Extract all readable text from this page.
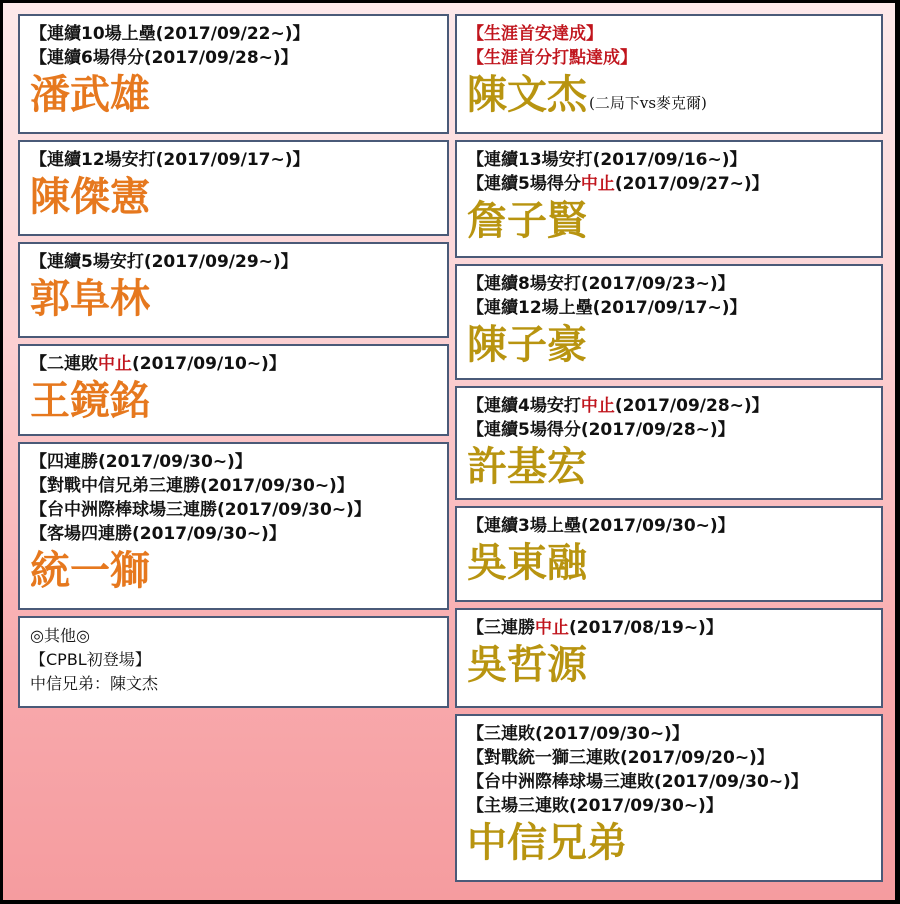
【連續10場上壘(2017/09/22~)】
【連續6場得分(2017/09/28~)】
潘武雄
【連續12場安打(2017/09/17~)】
陳傑憲
【連續5場安打(2017/09/29~)】
郭阜林
【二連敗中止(2017/09/10~)】
王鏡銘
【四連勝(2017/09/30~)】
【對戰中信兄弟三連勝(2017/09/30~)】
【台中洲際棒球場三連勝(2017/09/30~)】
【客場四連勝(2017/09/30~)】
統一獅
◎其他◎
【CPBL初登場】
中信兄弟：陳文杰
【生涯首安達成】
【生涯首分打點達成】
陳文杰 (二局下vs麥克爾)
【連續13場安打(2017/09/16~)】
【連續5場得分中止(2017/09/27~)】
詹子賢
【連續8場安打(2017/09/23~)】
【連續12場上壘(2017/09/17~)】
陳子豪
【連續4場安打中止(2017/09/28~)】
【連續5場得分(2017/09/28~)】
許基宏
【連續3場上壘(2017/09/30~)】
吳東融
【三連勝中止(2017/08/19~)】
吳哲源
【三連敗(2017/09/30~)】
【對戰統一獅三連敗(2017/09/20~)】
【台中洲際棒球場三連敗(2017/09/30~)】
【主場三連敗(2017/09/30~)】
中信兄弟
